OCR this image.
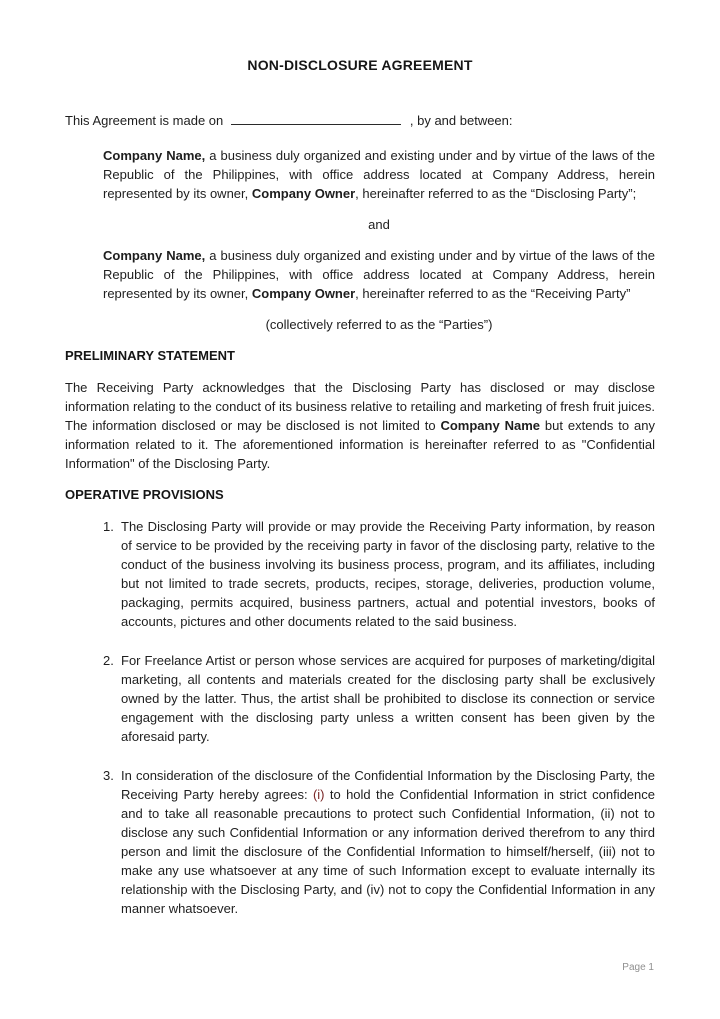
NON-DISCLOSURE AGREEMENT

This Agreement is made on	, by and between:

Company Name, a business duly organized and existing under and by virtue of the laws of the Republic of the Philippines, with office address located at Company Address, herein represented by its owner, Company Owner, hereinafter referred to as the “Disclosing Party”;

and

Company Name, a business duly organized and existing under and by virtue of the laws of the Republic of the Philippines, with office address located at Company Address, herein represented by its owner, Company Owner, hereinafter referred to as the “Receiving Party”

(collectively referred to as the “Parties”)

PRELIMINARY STATEMENT

The Receiving Party acknowledges that the Disclosing Party has disclosed or may disclose information relating to the conduct of its business relative to retailing and marketing of fresh fruit juices. The information disclosed or may be disclosed is not limited to Company Name but extends to any information related to it. The aforementioned information is hereinafter referred to as "Confidential Information" of the Disclosing Party.

OPERATIVE PROVISIONS
1. The Disclosing Party will provide or may provide the Receiving Party information, by reason of service to be provided by the receiving party in favor of the disclosing party, relative to the conduct of the business involving its business process, program, and its affiliates, including but not limited to trade secrets, products, recipes, storage, deliveries, production volume, packaging, permits acquired, business partners, actual and potential investors, books of accounts, pictures and other documents related to the said business.
2. For Freelance Artist or person whose services are acquired for purposes of marketing/digital marketing, all contents and materials created for the disclosing party shall be exclusively owned by the latter. Thus, the artist shall be prohibited to disclose its connection or service engagement with the disclosing party unless a written consent has been given by the aforesaid party.
3. In consideration of the disclosure of the Confidential Information by the Disclosing Party, the Receiving Party hereby agrees: (i) to hold the Confidential Information in strict confidence and to take all reasonable precautions to protect such Confidential Information, (ii) not to disclose any such Confidential Information or any information derived therefrom to any third person and limit the disclosure of the Confidential Information to himself/herself, (iii) not to make any use whatsoever at any time of such Information except to evaluate internally its relationship with the Disclosing Party, and (iv) not to copy the Confidential Information in any manner whatsoever.
Page 1
